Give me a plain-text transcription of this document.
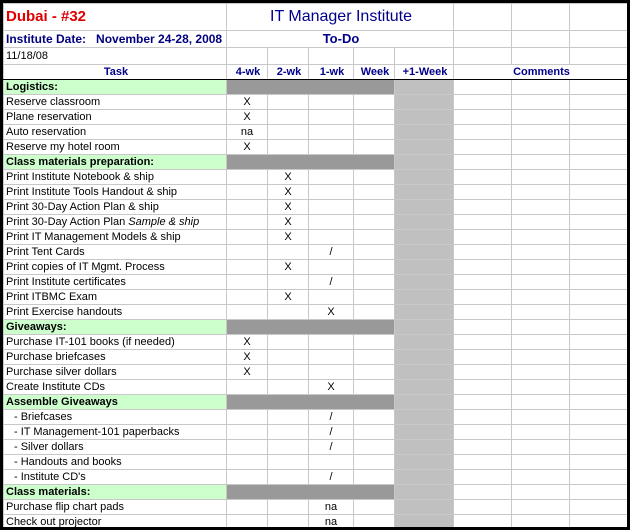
Dubai - #32	IT Manager Institute							
Institute Date: November 24-28, 2008	To-Do							
11/18/08								
Task	4-wk	2-wk	1-wk	Week	+1-Week	Comments		
Logistics:								
Reserve classroom	X							
Plane reservation	X							
Auto reservation	na							
Reserve my hotel room	X							
Class materials preparation:								
Print Institute Notebook & ship		X						
Print Institute Tools Handout & ship		X						
Print 30-Day Action Plan & ship		X						
Print 30-Day Action Plan Sample & ship		X						
Print IT Management Models & ship		X						
Print Tent Cards			/					
Print copies of IT Mgmt. Process		X						
Print Institute certificates			/					
Print ITBMC Exam		X						
Print Exercise handouts			X					
Giveaways:								
Purchase IT-101 books (if needed)	X							
Purchase briefcases	X							
Purchase silver dollars	X							
Create Institute CDs			X					
Assemble Giveaways								
- Briefcases			/					
- IT Management-101 paperbacks			/					
- Silver dollars			/					
- Handouts and books								
- Institute CD's			/					
Class materials:								
Purchase flip chart pads			na					
Check out projector			na					
